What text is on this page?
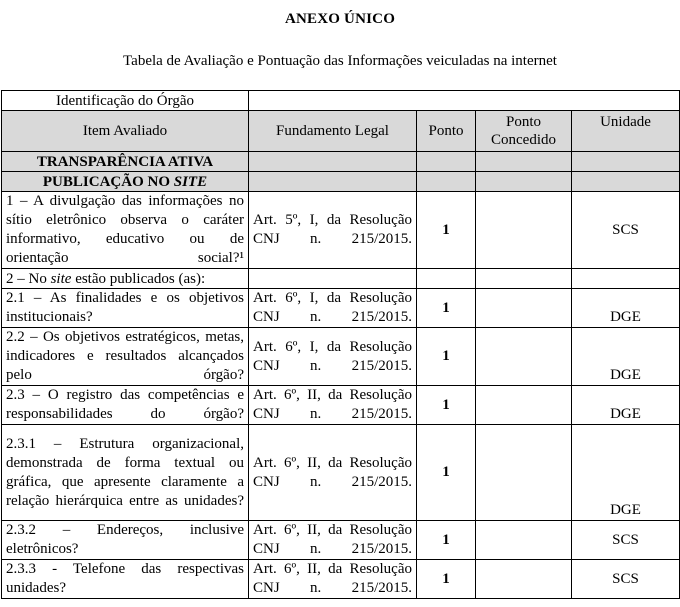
ANEXO ÚNICO
Tabela de Avaliação e Pontuação das Informações veiculadas na internet
Identificação do Órgão				
Item Avaliado	Fundamento Legal	Ponto	Ponto Concedido	Unidade
TRANSPARÊNCIA ATIVA				
PUBLICAÇÃO NO SITE				
1 – A divulgação das informações no sítio eletrônico observa o caráter informativo, educativo ou de orientação social?¹	Art. 5º, I, da Resolução CNJ n. 215/2015.	1		SCS
2 – No site estão publicados (as):				
2.1 – As finalidades e os objetivos institucionais?	Art. 6º, I, da Resolução CNJ n. 215/2015.	1		DGE
2.2 – Os objetivos estratégicos, metas, indicadores e resultados alcançados pelo órgão?	Art. 6º, I, da Resolução CNJ n. 215/2015.	1		DGE
2.3 – O registro das competências e responsabilidades do órgão?	Art. 6º, II, da Resolução CNJ n. 215/2015.	1		DGE
2.3.1 – Estrutura organizacional, demonstrada de forma textual ou gráfica, que apresente claramente a relação hierárquica entre as unidades?	Art. 6º, II, da Resolução CNJ n. 215/2015.	1		DGE
2.3.2 – Endereços, inclusive eletrônicos?	Art. 6º, II, da Resolução CNJ n. 215/2015.	1		SCS
2.3.3 - Telefone das respectivas unidades?	Art. 6º, II, da Resolução CNJ n. 215/2015.	1		SCS
